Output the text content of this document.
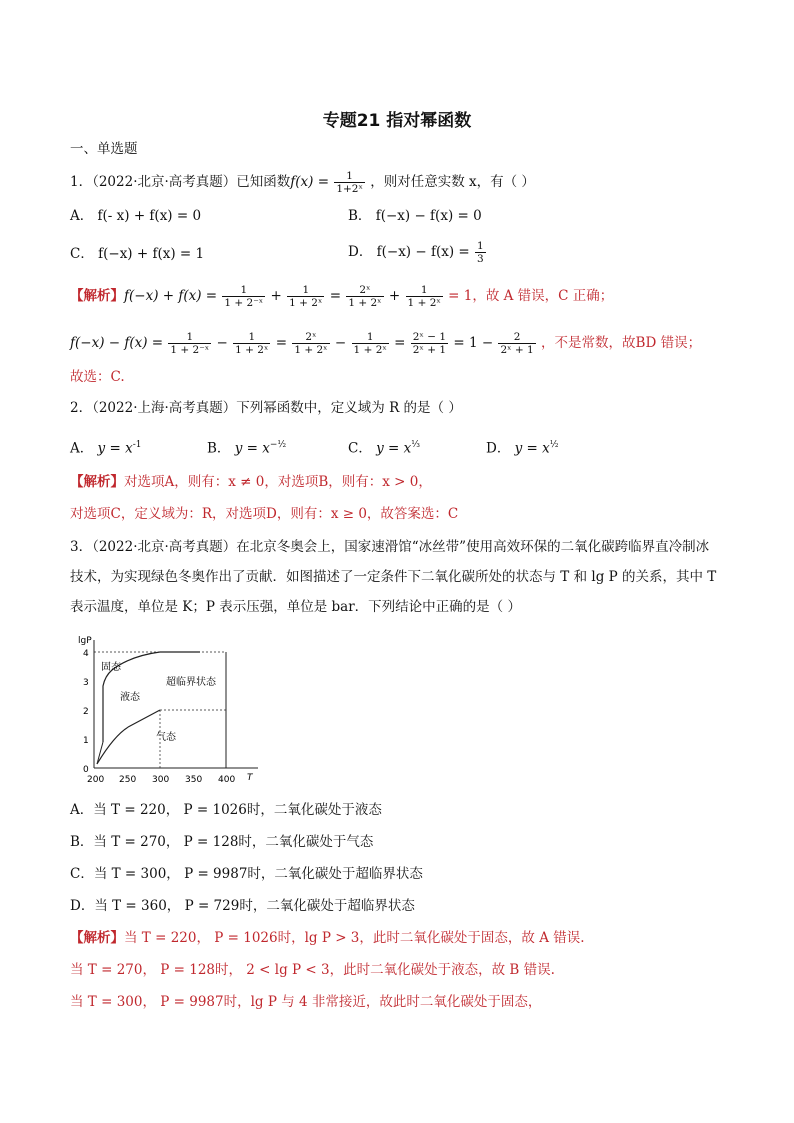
专题21 指对幂函数
一、单选题
1．（2022·北京·高考真题）已知函数$f(x) = \frac{1}{\text{1+2ˣ}}$ ，则对任意实数 x，有（ ）
A． f(- x) + f(x) = 0	B． f(−x) − f(x) = 0
C． f(−x) + f(x) = 1	D． $f(-x) - f(x) = \frac{1}{3}$
【解析】$f(-x) + f(x) = \frac{1}{\text{1 + 2⁻ˣ}} + \frac{1}{\text{1 + 2ˣ}} = \frac{\text{2ˣ}}{\text{1 + 2ˣ}} + \frac{1}{\text{1 + 2ˣ}} = 1$，故 A 错误，C 正确；
$f(-x) - f(x) = \frac{1}{\text{1 + 2⁻ˣ}} - \frac{1}{\text{1 + 2ˣ}} = \frac{\text{2ˣ}}{\text{1 + 2ˣ}} - \frac{1}{\text{1 + 2ˣ}} = \frac{\text{2ˣ − 1}}{\text{2ˣ + 1}} = 1 - \frac{2}{\text{2ˣ + 1}}$ ，不是常数，故BD 错误；
故选：C.
2．（2022·上海·高考真题）下列幂函数中，定义域为 R 的是（ ）
A． $y = x^{-1}$	B． $y = x^{-\frac{1}{2}}$	C． $y = x^{\frac{1}{3}}$	D． $y = x^{\frac{1}{2}}$
【解析】对选项A，则有：x ≠ 0，对选项B，则有：x > 0，
对选项C，定义域为：R，对选项D，则有：x ≥ 0，故答案选：C
3．（2022·北京·高考真题）在北京冬奥会上，国家速滑馆“冰丝带”使用高效环保的二氧化碳跨临界直冷制冰
技术，为实现绿色冬奥作出了贡献．如图描述了一定条件下二氧化碳所处的状态与 T 和 lg P 的关系，其中 T
表示温度，单位是 K；P 表示压强，单位是 bar．下列结论中正确的是（ ）
lgP
T
4
3
2
1
0
200 250 300 350 400
固态
液态
超临界状态
气态
A．当 T = 220， P = 1026时，二氧化碳处于液态
B．当 T = 270， P = 128时，二氧化碳处于气态
C．当 T = 300， P = 9987时，二氧化碳处于超临界状态
D．当 T = 360， P = 729时，二氧化碳处于超临界状态
【解析】当 T = 220， P = 1026时，lg P > 3，此时二氧化碳处于固态，故 A 错误.
当 T = 270， P = 128时， 2 < lg P < 3，此时二氧化碳处于液态，故 B 错误.
当 T = 300， P = 9987时，lg P 与 4 非常接近，故此时二氧化碳处于固态，
